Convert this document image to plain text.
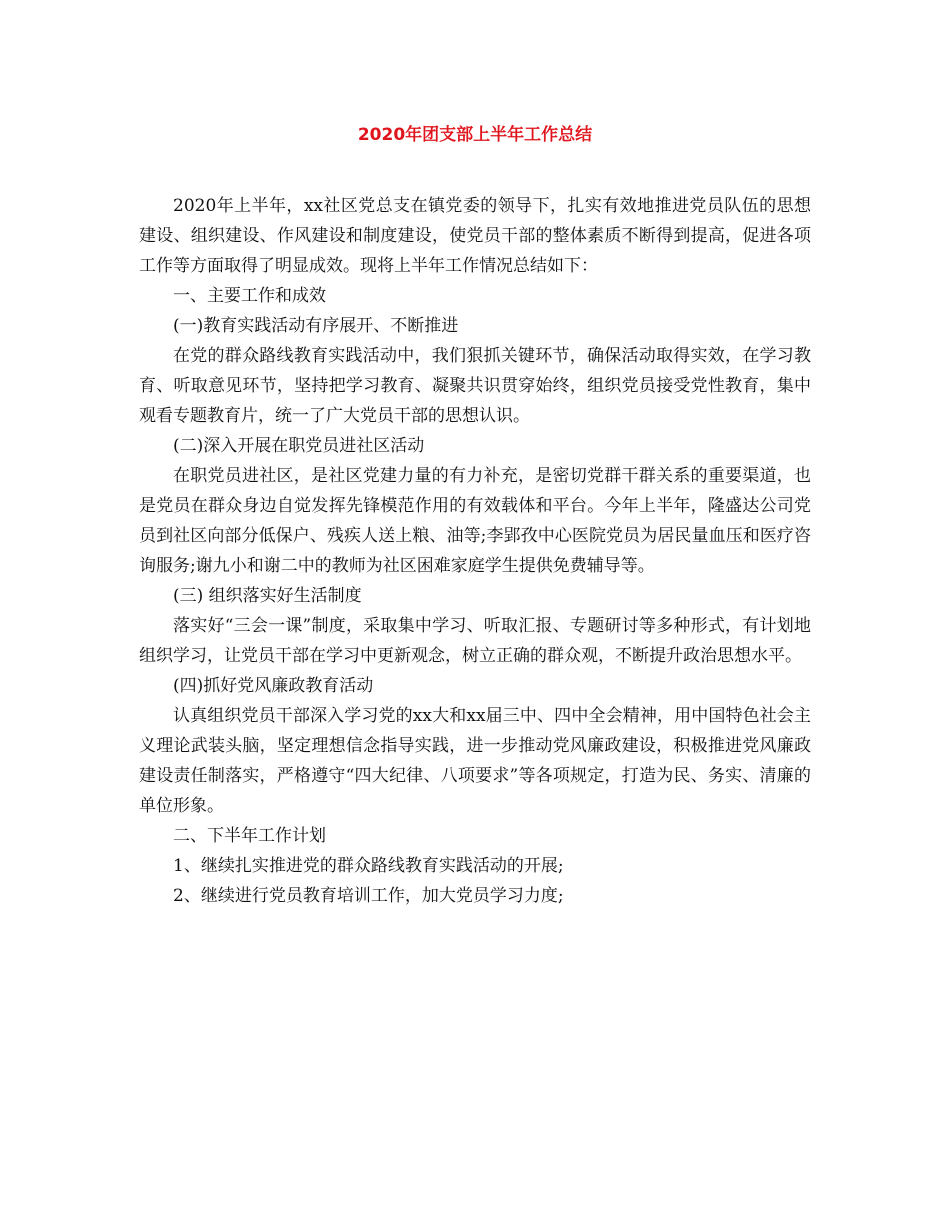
2020年团支部上半年工作总结

2020年上半年，xx社区党总支在镇党委的领导下，扎实有效地推进党员队伍的思想建设、组织建设、作风建设和制度建设，使党员干部的整体素质不断得到提高，促进各项工作等方面取得了明显成效。现将上半年工作情况总结如下：

一、主要工作和成效

(一)教育实践活动有序展开、不断推进

在党的群众路线教育实践活动中，我们狠抓关键环节，确保活动取得实效，在学习教育、听取意见环节，坚持把学习教育、凝聚共识贯穿始终，组织党员接受党性教育，集中观看专题教育片，统一了广大党员干部的思想认识。

(二)深入开展在职党员进社区活动

在职党员进社区，是社区党建力量的有力补充，是密切党群干群关系的重要渠道，也是党员在群众身边自觉发挥先锋模范作用的有效载体和平台。今年上半年，隆盛达公司党员到社区向部分低保户、残疾人送上粮、油等;李郢孜中心医院党员为居民量血压和医疗咨询服务;谢九小和谢二中的教师为社区困难家庭学生提供免费辅导等。

(三) 组织落实好生活制度

落实好“三会一课”制度，采取集中学习、听取汇报、专题研讨等多种形式，有计划地组织学习，让党员干部在学习中更新观念，树立正确的群众观，不断提升政治思想水平。

(四)抓好党风廉政教育活动

认真组织党员干部深入学习党的xx大和xx届三中、四中全会精神，用中国特色社会主义理论武装头脑，坚定理想信念指导实践，进一步推动党风廉政建设，积极推进党风廉政建设责任制落实，严格遵守“四大纪律、八项要求”等各项规定，打造为民、务实、清廉的单位形象。

二、下半年工作计划

1、继续扎实推进党的群众路线教育实践活动的开展;

2、继续进行党员教育培训工作，加大党员学习力度;
